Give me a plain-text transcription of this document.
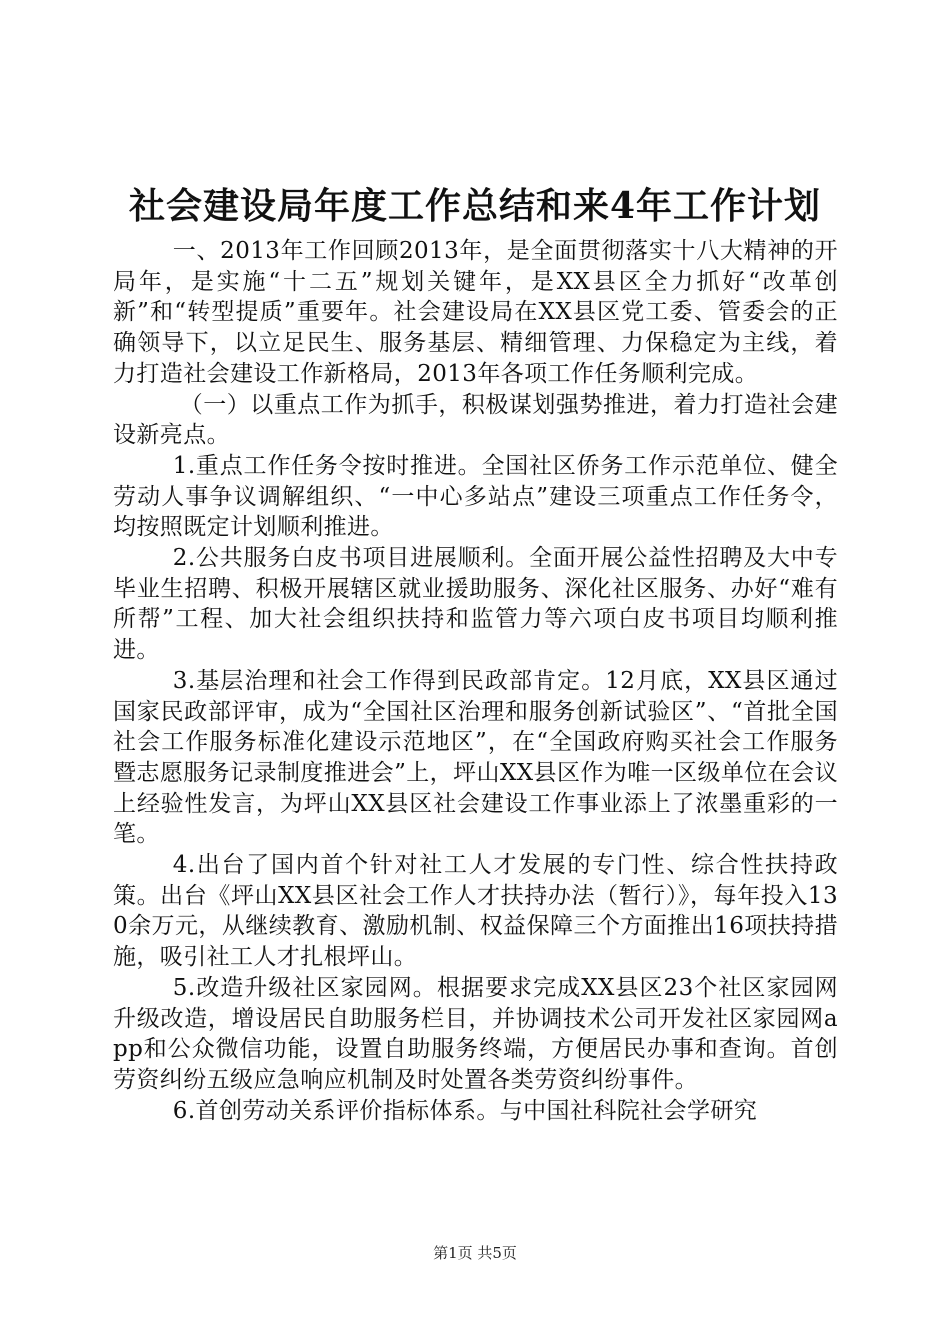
社会建设局年度工作总结和来4年工作计划

一、2013年工作回顾2013年，是全面贯彻落实十八大精神的开局年，是实施“十二五”规划关键年，是XX县区全力抓好“改革创新”和“转型提质”重要年。社会建设局在XX县区党工委、管委会的正确领导下，以立足民生、服务基层、精细管理、力保稳定为主线，着力打造社会建设工作新格局，2013年各项工作任务顺利完成。

（一）以重点工作为抓手，积极谋划强势推进，着力打造社会建设新亮点。

1.重点工作任务令按时推进。全国社区侨务工作示范单位、健全劳动人事争议调解组织、“一中心多站点”建设三项重点工作任务令，均按照既定计划顺利推进。

2.公共服务白皮书项目进展顺利。全面开展公益性招聘及大中专毕业生招聘、积极开展辖区就业援助服务、深化社区服务、办好“难有所帮”工程、加大社会组织扶持和监管力等六项白皮书项目均顺利推进。

3.基层治理和社会工作得到民政部肯定。12月底，XX县区通过国家民政部评审，成为“全国社区治理和服务创新试验区”、“首批全国社会工作服务标准化建设示范地区”，在“全国政府购买社会工作服务暨志愿服务记录制度推进会”上，坪山XX县区作为唯一区级单位在会议上经验性发言，为坪山XX县区社会建设工作事业添上了浓墨重彩的一笔。

4.出台了国内首个针对社工人才发展的专门性、综合性扶持政策。出台《坪山XX县区社会工作人才扶持办法（暂行）》，每年投入130余万元，从继续教育、激励机制、权益保障三个方面推出16项扶持措施，吸引社工人才扎根坪山。

5.改造升级社区家园网。根据要求完成XX县区23个社区家园网升级改造，增设居民自助服务栏目，并协调技术公司开发社区家园网app和公众微信功能，设置自助服务终端，方便居民办事和查询。首创劳资纠纷五级应急响应机制及时处置各类劳资纠纷事件。

6.首创劳动关系评价指标体系。与中国社科院社会学研究

第1页 共5页
